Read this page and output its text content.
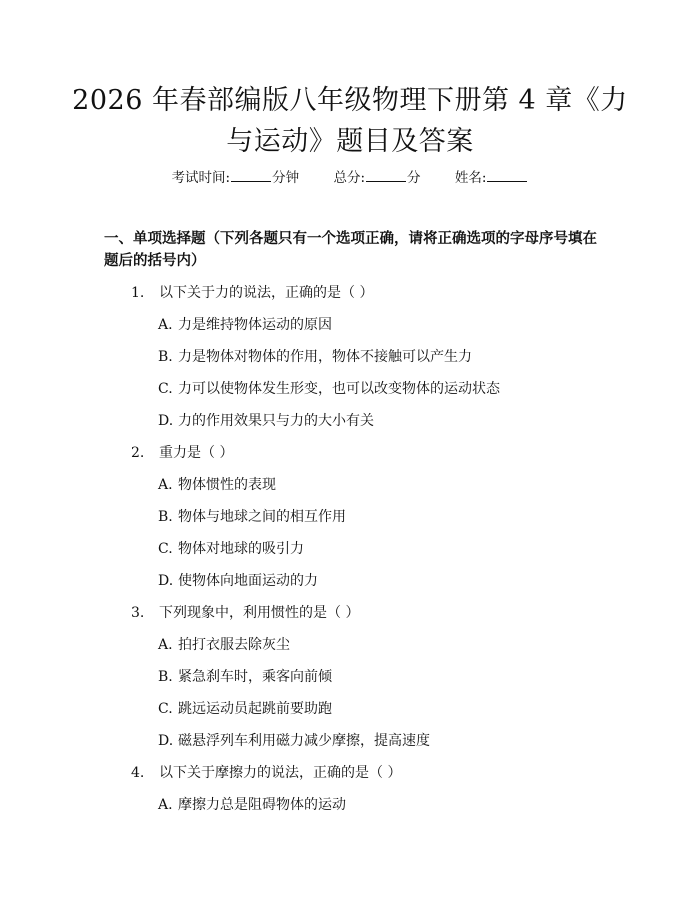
2026 年春部编版八年级物理下册第 4 章《力
与运动》题目及答案
考试时间:	分钟	总分:	分	姓名:
一、单项选择题（下列各题只有一个选项正确，请将正确选项的字母序号填在题后的括号内）
1. 以下关于力的说法，正确的是（ ）
A. 力是维持物体运动的原因
B. 力是物体对物体的作用，物体不接触可以产生力
C. 力可以使物体发生形变，也可以改变物体的运动状态
D. 力的作用效果只与力的大小有关
2. 重力是（ ）
A. 物体惯性的表现
B. 物体与地球之间的相互作用
C. 物体对地球的吸引力
D. 使物体向地面运动的力
3. 下列现象中，利用惯性的是（ ）
A. 拍打衣服去除灰尘
B. 紧急刹车时，乘客向前倾
C. 跳远运动员起跳前要助跑
D. 磁悬浮列车利用磁力减少摩擦，提高速度
4. 以下关于摩擦力的说法，正确的是（ ）
A. 摩擦力总是阻碍物体的运动
